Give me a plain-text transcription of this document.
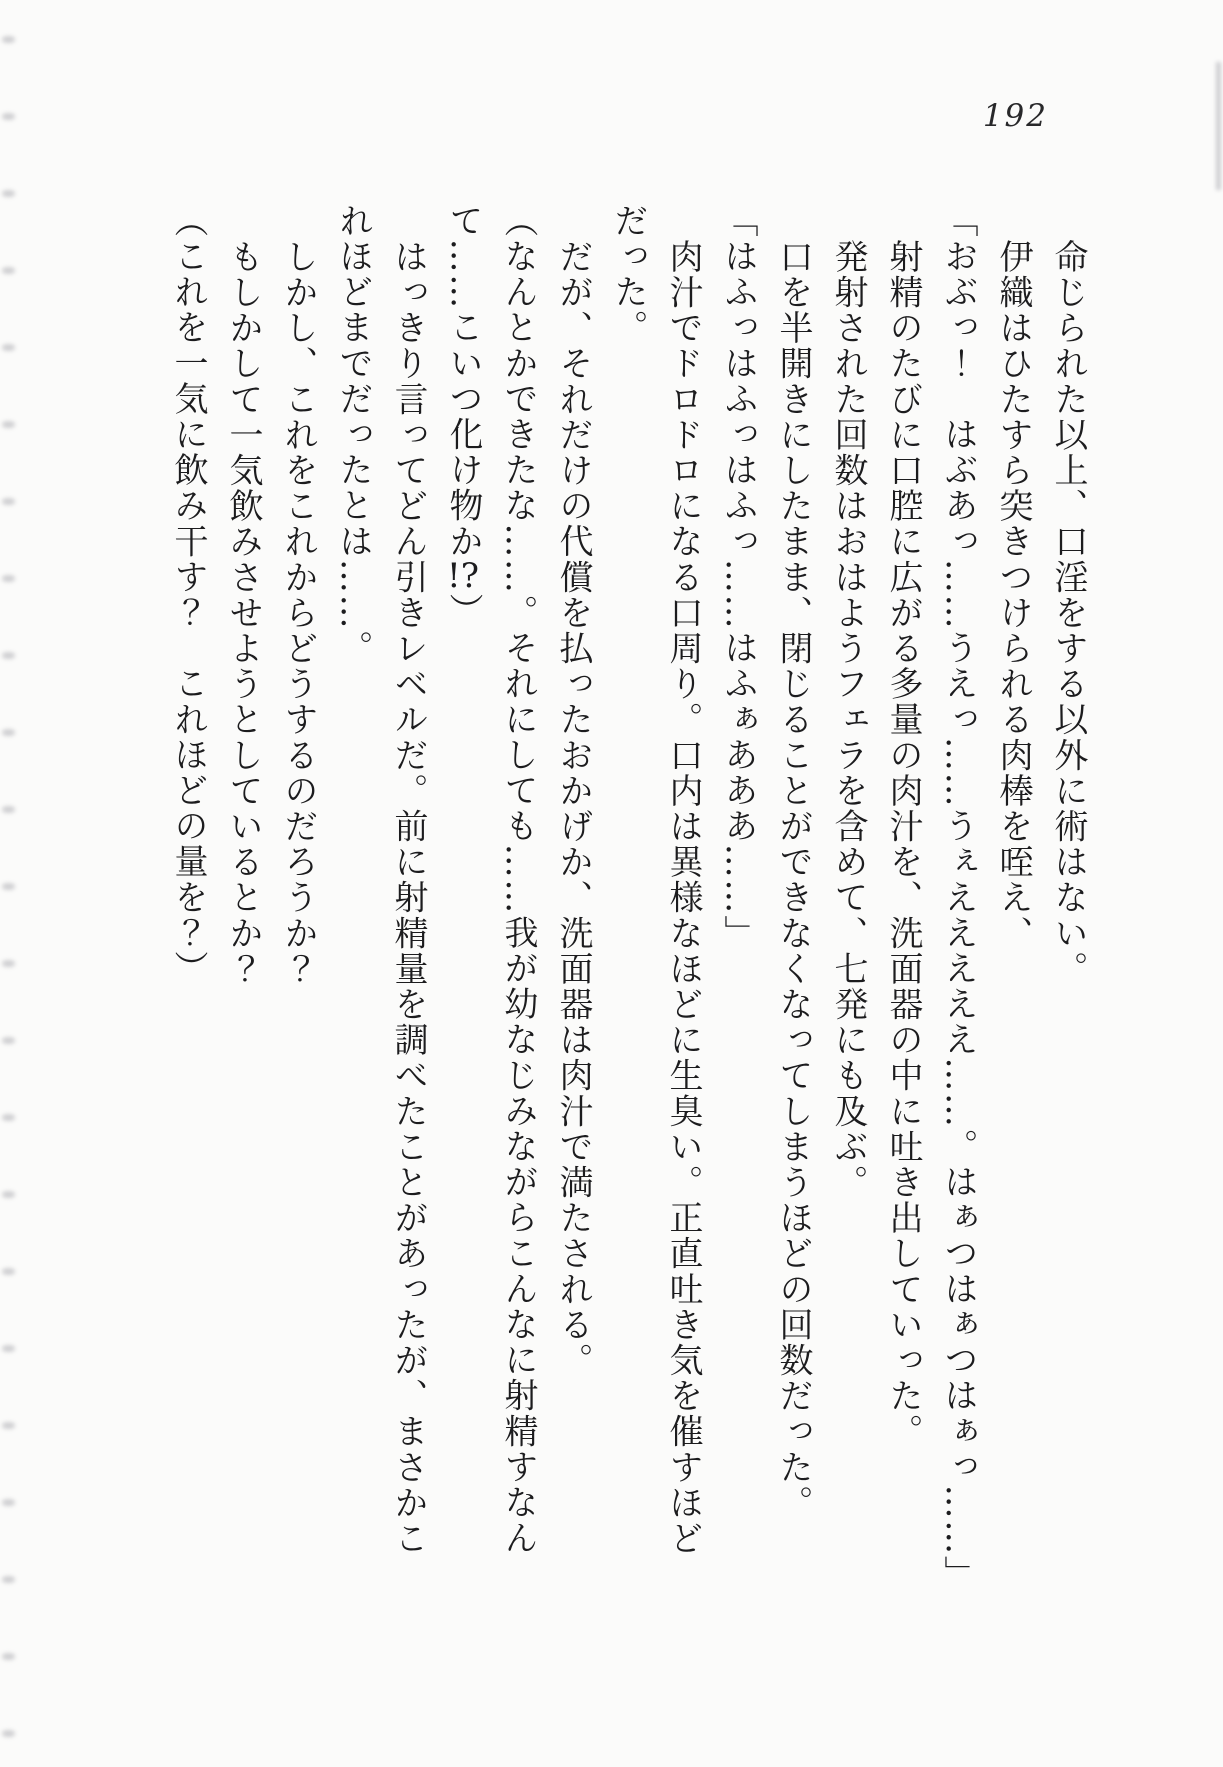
192
命じられた以上、口淫をする以外に術はない。
伊織はひたすら突きつけられる肉棒を咥え、
「おぶっ！　はぶあっ……うえっ……うぇえええええ……。はぁつはぁつはぁっ……」
射精のたびに口腔に広がる多量の肉汁を、洗面器の中に吐き出していった。
発射された回数はおはようフェラを含めて、七発にも及ぶ。
口を半開きにしたまま、閉じることができなくなってしまうほどの回数だった。
「はふっはふっはふっ……はふぁあああ……」
肉汁でドロドロになる口周り。口内は異様なほどに生臭い。正直吐き気を催すほど
だった。
だが、それだけの代償を払ったおかげか、洗面器は肉汁で満たされる。
（なんとかできたな……。それにしても……我が幼なじみながらこんなに射精すなん
て……こいつ化け物か!?）
はっきり言ってどん引きレベルだ。前に射精量を調べたことがあったが、まさかこ
れほどまでだったとは……。
しかし、これをこれからどうするのだろうか？
もしかして一気飲みさせようとしているとか？
（これを一気に飲み干す？　これほどの量を？）
